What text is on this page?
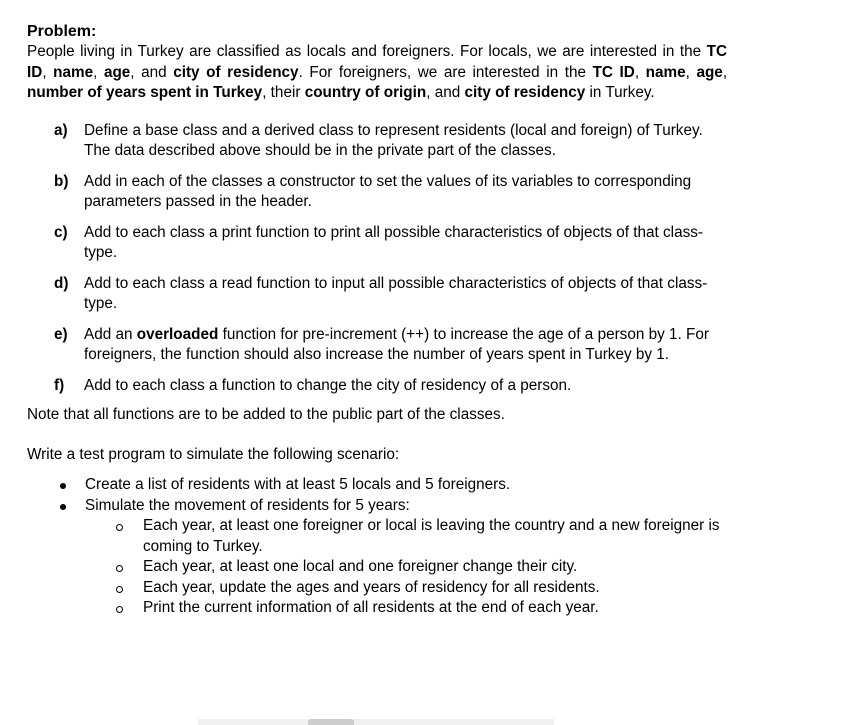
Problem:

People living in Turkey are classified as locals and foreigners. For locals, we are interested in the TC ID, name, age, and city of residency. For foreigners, we are interested in the TC ID, name, age, number of years spent in Turkey, their country of origin, and city of residency in Turkey.

a)	Define a base class and a derived class to represent residents (local and foreign) of Turkey. The data described above should be in the private part of the classes.
b)	Add in each of the classes a constructor to set the values of its variables to corresponding parameters passed in the header.
c)	Add to each class a print function to print all possible characteristics of objects of that class-type.
d)	Add to each class a read function to input all possible characteristics of objects of that class-type.
e)	Add an overloaded function for pre-increment (++) to increase the age of a person by 1. For foreigners, the function should also increase the number of years spent in Turkey by 1.
f)	Add to each class a function to change the city of residency of a person.

Note that all functions are to be added to the public part of the classes.

Write a test program to simulate the following scenario:

Create a list of residents with at least 5 locals and 5 foreigners.
Simulate the movement of residents for 5 years:
Each year, at least one foreigner or local is leaving the country and a new foreigner is coming to Turkey.
Each year, at least one local and one foreigner change their city.
Each year, update the ages and years of residency for all residents.
Print the current information of all residents at the end of each year.
